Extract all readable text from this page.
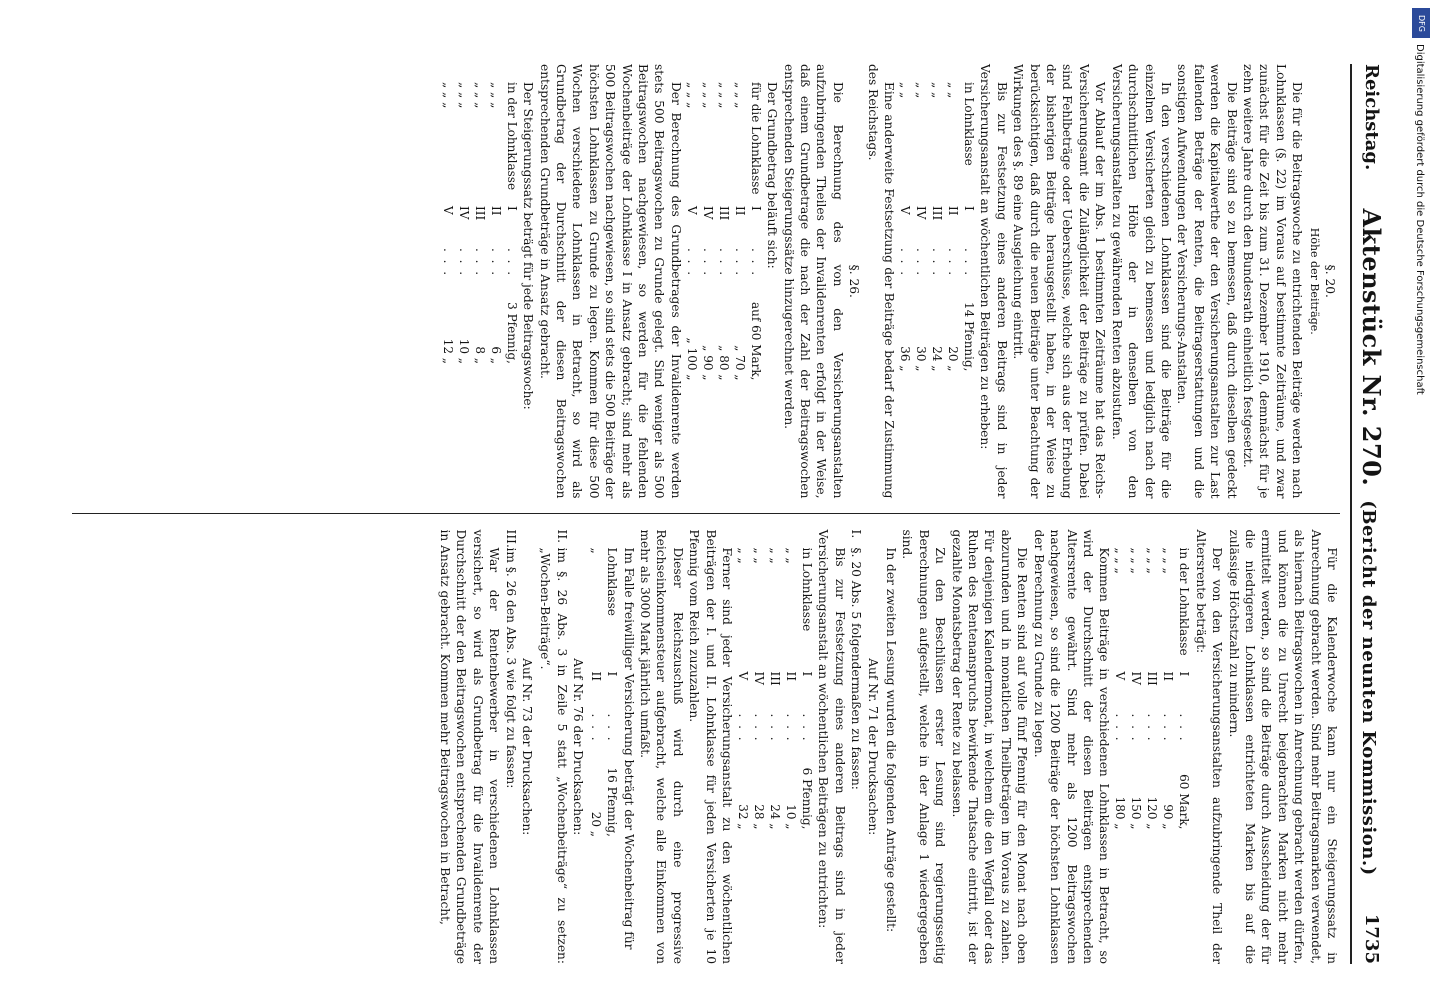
Reichstag.
Aktenstück Nr. 270.(Bericht der neunten Kommission.)
1735

§. 20.

Höhe der Beiträge.

Die für die Beitragswoche zu entrichtenden Beiträge werden nach Lohnklassen (§. 22) im Voraus auf bestimmte Zeiträume, und zwar zunächst für die Zeit bis zum 31. Dezember 1910, demnächst für je zehn weitere Jahre durch den Bundesrath einheitlich festgesetzt.

Die Beiträge sind so zu bemessen, daß durch dieselben gedeckt werden die Kapitalwerthe der den Versicherungsanstalten zur Last fallenden Beträge der Renten, die Beitragserstattungen und die sonstigen Aufwendungen der Versicherungs-Anstalten.

In den verschiedenen Lohnklassen sind die Beiträge für die einzelnen Versicherten gleich zu bemessen und lediglich nach der durchschnittlichen Höhe der in denselben von den Versicherungsanstalten zu gewährenden Renten abzustufen.

Vor Ablauf der im Abs. 1 bestimmten Zeiträume hat das Reichs-Versicherungsamt die Zulänglichkeit der Beiträge zu prüfen. Dabei sind Fehlbeträge oder Ueberschüsse, welche sich aus der Erhebung der bisherigen Beiträge herausgestellt haben, in der Weise zu berücksichtigen, daß durch die neuen Beiträge unter Beachtung der Wirkungen des §. 89 eine Ausgleichung eintritt.

Bis zur Festsetzung eines anderen Beitrags sind in jeder Versicherungsanstalt an wöchentlichen Beiträgen zu erheben:

in Lohnklasse	I	. . .	14 Pfennig,
„ „	II	. . .	20 „
„ „	III	. . .	24 „
„ „	IV	. . .	30 „
„ „	V	. . .	36 „

Eine anderweite Festsetzung der Beiträge bedarf der Zustimmung des Reichstags.

§. 26.

Die Berechnung des von den Versicherungsanstalten aufzubringenden Theiles der Invalidenrenten erfolgt in der Weise, daß einem Grundbetrage die nach der Zahl der Beitragswochen entsprechenden Steigerungssätze hinzugerechnet werden.

Der Grundbetrag beläuft sich:

für die Lohnklasse	I	. . .	auf 60 Mark,
„ „ „	II	. . .	„ 70 „
„ „ „	III	. . .	„ 80 „
„ „ „	IV	. . .	„ 90 „
„ „ „	V	. . .	„ 100 „

Der Berechnung des Grundbetrages der Invalidenrente werden stets 500 Beitragswochen zu Grunde gelegt. Sind weniger als 500 Beitragswochen nachgewiesen, so werden für die fehlenden Wochenbeiträge der Lohnklasse I in Ansatz gebracht; sind mehr als 500 Beitragswochen nachgewiesen, so sind stets die 500 Beiträge der höchsten Lohnklassen zu Grunde zu legen. Kommen für diese 500 Wochen verschiedene Lohnklassen in Betracht, so wird als Grundbetrag der Durchschnitt der diesen Beitragswochen entsprechenden Grundbeträge in Ansatz gebracht.

Der Steigerungssatz beträgt für jede Beitragswoche:

in der Lohnklasse	I	. . .	3 Pfennig,
„ „ „	II	. . .	6 „
„ „ „	III	. . .	8 „
„ „ „	IV	. . .	10 „
„ „ „	V	. . .	12 „

Für die Kalenderwoche kann nur ein Steigerungssatz in Anrechnung gebracht werden. Sind mehr Beitragsmarken verwendet, als hiernach Beitragswochen in Anrechnung gebracht werden dürfen, und können die zu Unrecht beigebrachten Marken nicht mehr ermittelt werden, so sind die Beiträge durch Ausscheidung der für die niedrigeren Lohnklassen entrichteten Marken bis auf die zulässige Höchstzahl zu mindern.

Der von den Versicherungsanstalten aufzubringende Theil der Altersrente beträgt:

in der Lohnklasse	I	. . .	60 Mark,
„ „ „	II	. . .	90 „
„ „ „	III	. . .	120 „
„ „ „	IV	. . .	150 „
„ „ „	V	. . .	180 „

Kommen Beiträge in verschiedenen Lohnklassen in Betracht, so wird der Durchschnitt der diesen Beiträgen entsprechenden Altersrente gewährt. Sind mehr als 1200 Beitragswochen nachgewiesen, so sind die 1200 Beiträge der höchsten Lohnklassen der Berechnung zu Grunde zu legen.

Die Renten sind auf volle fünf Pfennig für den Monat nach oben abzurunden und in monatlichen Theilbeträgen im Voraus zu zahlen. Für denjenigen Kalendermonat, in welchem die den Wegfall oder das Ruhen des Rentenanspruchs bewirkende Thatsache eintritt, ist der gezahlte Monatsbetrag der Rente zu belassen.

Zu den Beschlüssen erster Lesung sind regierungsseitig Berechnungen aufgestellt, welche in der Anlage 1 wiedergegeben sind.

In der zweiten Lesung wurden die folgenden Anträge gestellt:

Auf Nr. 71 der Drucksachen:

I.
§. 20 Abs. 5 folgendermaßen zu fassen:

Bis zur Festsetzung eines anderen Beitrags sind in jeder Versicherungsanstalt an wöchentlichen Beiträgen zu entrichten:

in Lohnklasse	I	. . .	6 Pfennig,
„ „	II	. . .	10 „
„ „	III	. . .	24 „
„ „	IV	. . .	28 „
„ „	V	. . .	32 „

Ferner sind jeder Versicherungsanstalt zu den wöchentlichen Beiträgen der I. und II. Lohnklasse für jeden Versicherten je 10 Pfennig vom Reich zuzuzahlen.

Dieser Reichszuschuß wird durch eine progressive Reichseinkommensteuer aufgebracht, welche alle Einkommen von mehr als 3000 Mark jährlich umfaßt.

Im Falle freiwilliger Versicherung beträgt der Wochenbeitrag für

Lohnklasse	I	. . .	16 Pfennig,
„	II	. . .	20 „

Auf Nr. 76 der Drucksachen:

II.
im §. 26 Abs. 3 in Zeile 5 statt „Wochenbeiträge“ zu setzen: „Wochen-Beiträge“.

Auf Nr. 73 der Drucksachen:

III.
im §. 26 den Abs. 3 wie folgt zu fassen:

War der Rentenbewerber in verschiedenen Lohnklassen versichert, so wird als Grundbetrag für die Invalidenrente der Durchschnitt der den Beitragswochen entsprechenden Grundbeträge in Ansatz gebracht. Kommen mehr Beitragswochen in Betracht,

DFG
Digitalisierung gefördert durch die Deutsche Forschungsgemeinschaft
